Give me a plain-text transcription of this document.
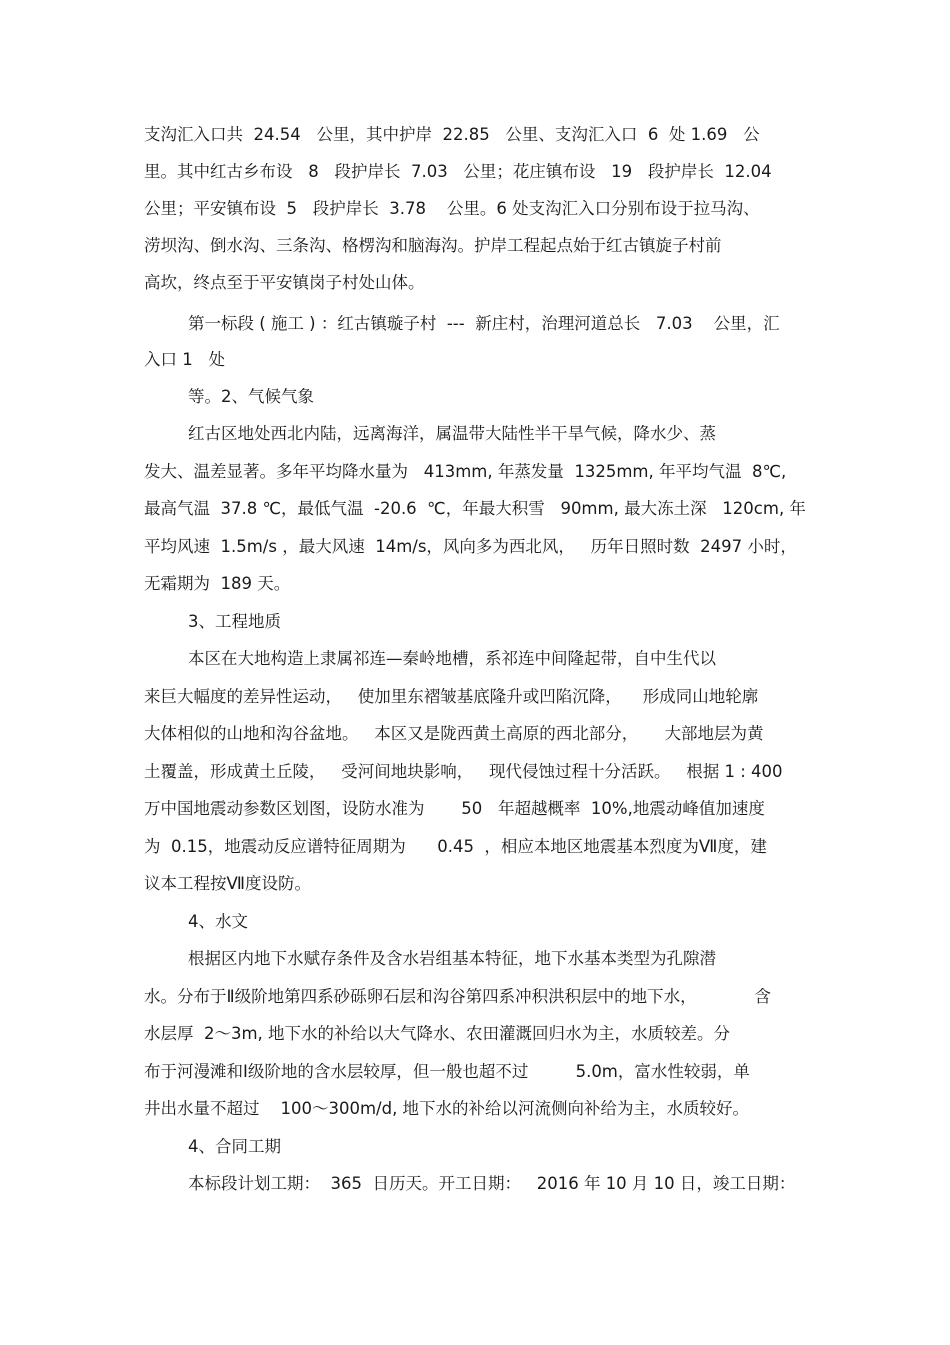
支沟汇入口共  24.54   公里，其中护岸  22.85   公里、支沟汇入口  6  处 1.69   公

里。其中红古乡布设   8   段护岸长  7.03   公里；花庄镇布设   19   段护岸长  12.04

公里；平安镇布设  5   段护岸长  3.78    公里。6 处支沟汇入口分别布设于拉马沟、

涝坝沟、倒水沟、三条沟、格楞沟和脑海沟。护岸工程起点始于红古镇旋子村前

高坎，终点至于平安镇岗子村处山体。

第一标段 ( 施工 ) ：红古镇璇子村  ---  新庄村，治理河道总长   7.03    公里，汇

入口 1   处

等。2、气候气象

红古区地处西北内陆，远离海洋，属温带大陆性半干旱气候，降水少、蒸

发大、温差显著。多年平均降水量为   413mm, 年蒸发量  1325mm, 年平均气温  8℃,

最高气温  37.8 ℃，最低气温  -20.6  ℃，年最大积雪   90mm, 最大冻土深   120cm, 年

平均风速  1.5m/s ，最大风速  14m/s，风向多为西北风，   历年日照时数  2497 小时，

无霜期为  189 天。

3、工程地质

本区在大地构造上隶属祁连—秦岭地槽，系祁连中间隆起带，自中生代以

来巨大幅度的差异性运动，   使加里东褶皱基底隆升或凹陷沉降，    形成同山地轮廓

大体相似的山地和沟谷盆地。   本区又是陇西黄土高原的西北部分，     大部地层为黄

土覆盖，形成黄土丘陵，   受河间地块影响，   现代侵蚀过程十分活跃。   根据 1 : 400

万中国地震动参数区划图，设防水准为       50   年超越概率  10%,地震动峰值加速度

为  0.15，地震动反应谱特征周期为      0.45  ，相应本地区地震基本烈度为Ⅶ度，建

议本工程按Ⅶ度设防。

4、水文

根据区内地下水赋存条件及含水岩组基本特征，地下水基本类型为孔隙潜

水。分布于Ⅱ级阶地第四系砂砾卵石层和沟谷第四系冲积洪积层中的地下水，           含

水层厚  2～3m, 地下水的补给以大气降水、农田灌溉回归水为主，水质较差。分

布于河漫滩和Ⅰ级阶地的含水层较厚，但一般也超不过         5.0m，富水性较弱，单

井出水量不超过    100～300m/d, 地下水的补给以河流侧向补给为主，水质较好。

4、合同工期

本标段计划工期：  365  日历天。开工日期：   2016 年 10 月 10 日，竣工日期：
